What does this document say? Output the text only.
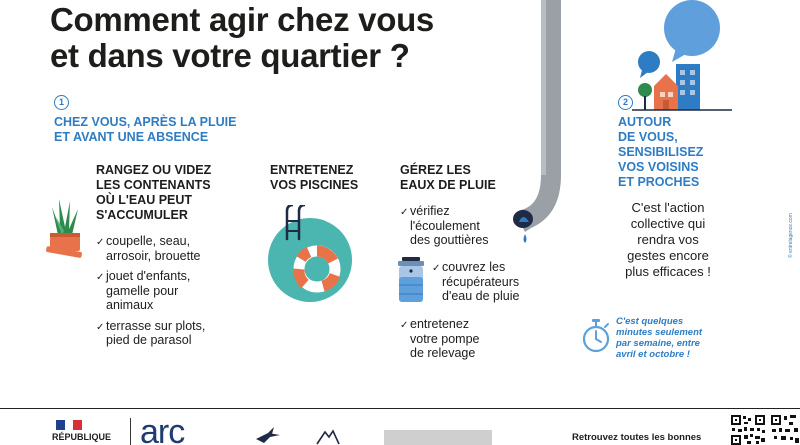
Comment agir chez vous
et dans votre quartier ?
1
CHEZ VOUS, APRÈS LA PLUIE
ET AVANT UNE ABSENCE
RANGEZ OU VIDEZ
LES CONTENANTS
OÙ L'EAU PEUT
S'ACCUMULER
✓ coupelle, seau,
arrosoir, brouette
✓ jouet d'enfants,
gamelle pour
animaux
✓ terrasse sur plots,
pied de parasol
ENTRETENEZ
VOS PISCINES
GÉREZ LES
EAUX DE PLUIE
✓ vérifiez
l'écoulement
des gouttières
✓ couvrez les
récupérateurs
d'eau de pluie
✓ entretenez
votre pompe
de relevage
2
AUTOUR
DE VOUS,
SENSIBILISEZ
VOS VOISINS
ET PROCHES
C'est l'action
collective qui
rendra vos
gestes encore
plus efficaces !
© entrelagence.com
C'est quelques
minutes seulement
par semaine, entre
avril et octobre !
RÉPUBLIQUE arc	Retrouvez toutes les bonnes
